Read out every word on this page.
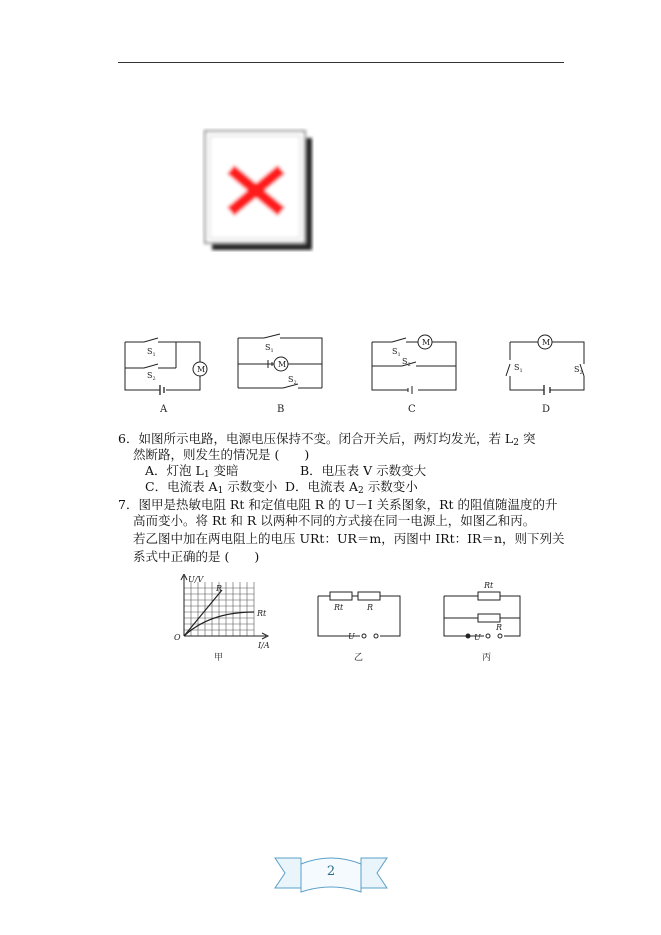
M
$S_1$
$S_2$
A
M
$S_1$
$S_2$
B
M
$S_1$
$S_2$
C
M
$S_1$	$S_2$
D
6．如图所示电路，电源电压保持不变。闭合开关后，两灯均发光，若 $L_2$ 突
然断路，则发生的情况是 (　　)
A．灯泡 $L_1$ 变暗	B．电压表 V 示数变大
C．电流表 $A_1$ 示数变小 D．电流表 $A_2$ 示数变小
7．图甲是热敏电阻 Rt 和定值电阻 R 的 U－I 关系图象，Rt 的阻值随温度的升
高而变小。将 Rt 和 R 以两种不同的方式接在同一电源上，如图乙和丙。
若乙图中加在两电阻上的电压 URt：UR＝m，丙图中 IRt：IR＝n，则下列关
系式中正确的是 (　　)
U/V
I/A
O
R
Rt
甲
Rt	R
U
乙
Rt
R
U
丙
2
